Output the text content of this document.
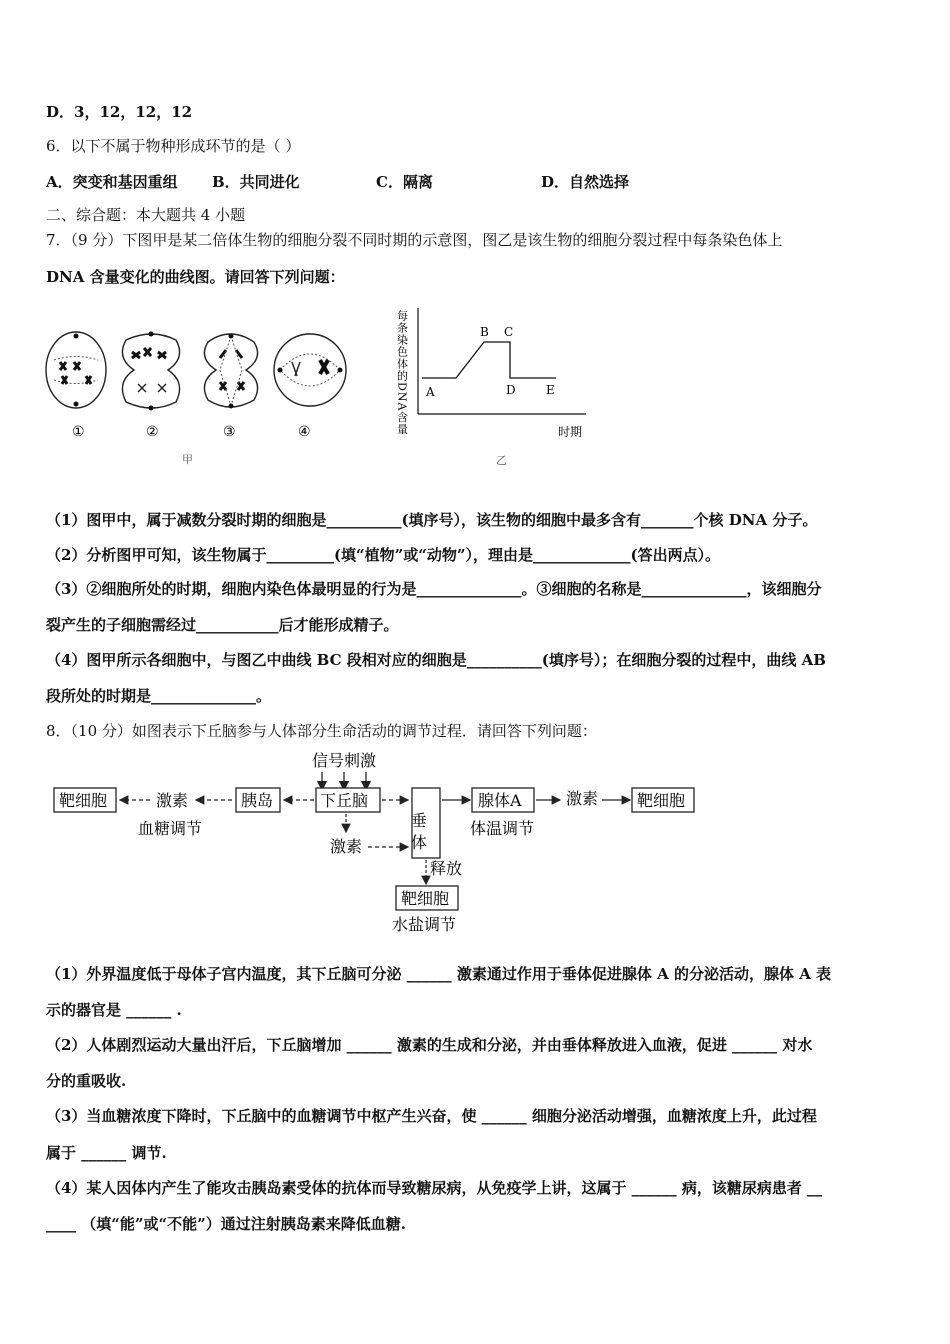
D．3，12，12，12
6．以下不属于物种形成环节的是（ ）
A．突变和基因重组 B．共同进化	C．隔离	D．自然选择
二、综合题：本大题共 4 小题
7．（9 分）下图甲是某二倍体生物的细胞分裂不同时期的示意图，图乙是该生物的细胞分裂过程中每条染色体上
DNA 含量变化的曲线图。请回答下列问题：
①	②	③	④
甲
每条染色体的DNA含量 A
B C
D	E
时期
乙
（1）图甲中，属于减数分裂时期的细胞是__________(填序号），该生物的细胞中最多含有_______个核 DNA 分子。
（2）分析图甲可知，该生物属于_________(填“植物”或“动物”），理由是_____________(答出两点）。
（3）②细胞所处的时期，细胞内染色体最明显的行为是______________。③细胞的名称是______________，该细胞分
裂产生的子细胞需经过___________后才能形成精子。
（4）图甲所示各细胞中，与图乙中曲线 BC 段相对应的细胞是__________(填序号）；在细胞分裂的过程中，曲线 AB
段所处的时期是______________。
8．（10 分）如图表示下丘脑参与人体部分生命活动的调节过程．请回答下列问题：
信号刺激
靶细胞	激素	胰岛	下丘脑
垂体
腺体A	激素 靶细胞
血糖调节	体温调节
激素
释放
靶细胞
水盐调节
（1）外界温度低于母体子宫内温度，其下丘脑可分泌 ______ 激素通过作用于垂体促进腺体 A 的分泌活动，腺体 A 表
示的器官是 ______ .
（2）人体剧烈运动大量出汗后，下丘脑增加 ______ 激素的生成和分泌，并由垂体释放进入血液，促进 ______ 对水
分的重吸收.
（3）当血糖浓度下降时，下丘脑中的血糖调节中枢产生兴奋，使 ______ 细胞分泌活动增强，血糖浓度上升，此过程
属于 ______ 调节.
（4）某人因体内产生了能攻击胰岛素受体的抗体而导致糖尿病，从免疫学上讲，这属于 ______ 病，该糖尿病患者 __
____ （填“能”或“不能”）通过注射胰岛素来降低血糖.
